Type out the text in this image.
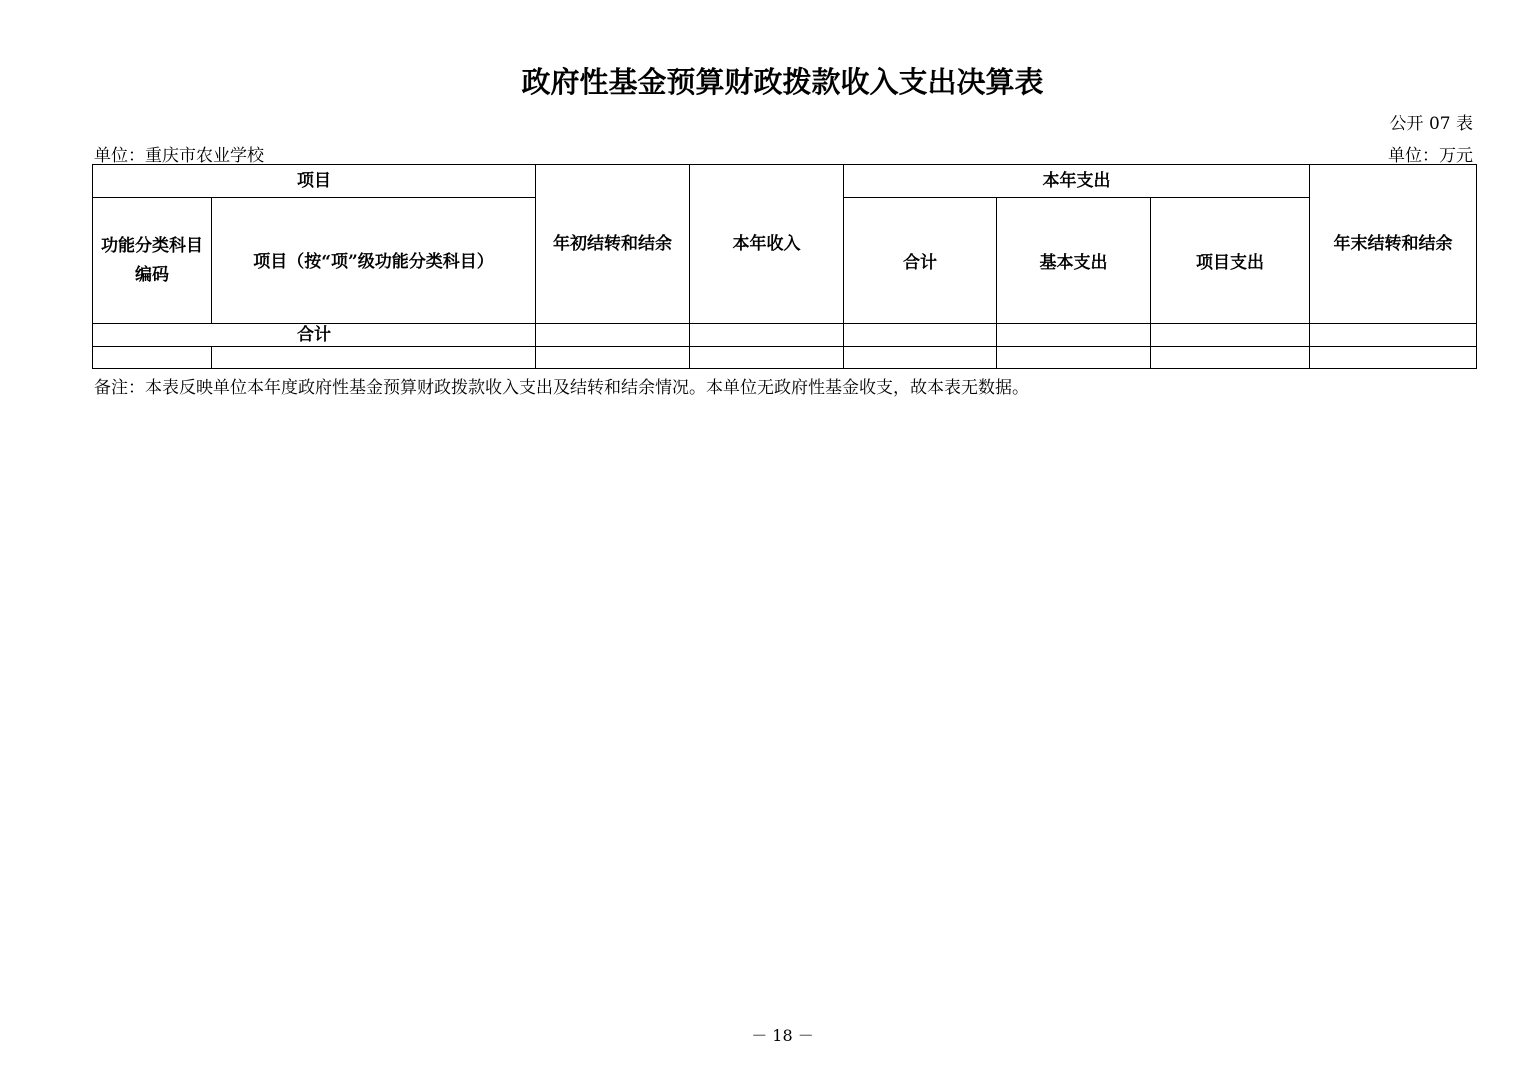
政府性基金预算财政拨款收入支出决算表
公开 07 表
单位：重庆市农业学校	单位：万元
项目		年初结转和结余	本年收入	本年支出			年末结转和结余
功能分类科目编码	项目（按“项”级功能分类科目）			合计	基本支出	项目支出	
合计							

备注：本表反映单位本年度政府性基金预算财政拨款收入支出及结转和结余情况。本单位无政府性基金收支，故本表无数据。
－ 18 －
